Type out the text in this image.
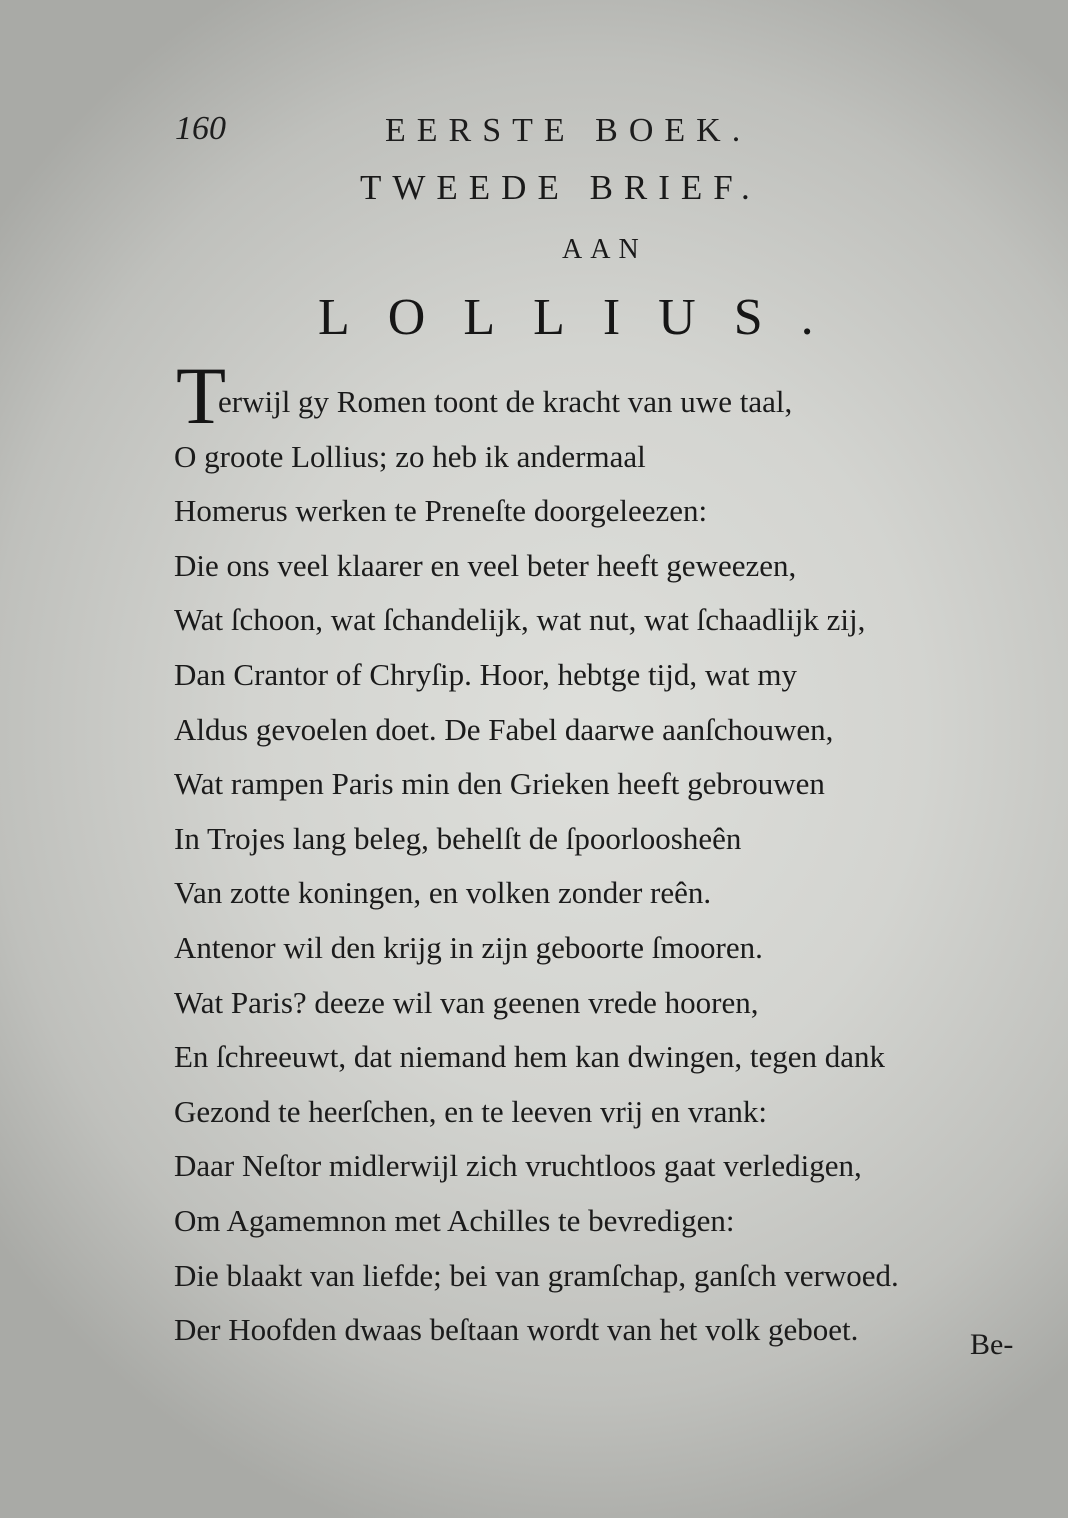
160	EERSTE BOEK.
TWEEDE BRIEF.
AAN
LOLLIUS.
T
erwijl gy Romen toont de kracht van uwe taal,
O groote Lollius; zo heb ik andermaal
Homerus werken te Preneſte doorgeleezen:
Die ons veel klaarer en veel beter heeft geweezen,
Wat ſchoon, wat ſchandelijk, wat nut, wat ſchaadlijk zij,
Dan Crantor of Chryſip. Hoor, hebtge tijd, wat my
Aldus gevoelen doet. De Fabel daarwe aanſchouwen,
Wat rampen Paris min den Grieken heeft gebrouwen
In Trojes lang beleg, behelſt de ſpoorloosheên
Van zotte koningen, en volken zonder reên.
Antenor wil den krijg in zijn geboorte ſmooren.
Wat Paris? deeze wil van geenen vrede hooren,
En ſchreeuwt, dat niemand hem kan dwingen, tegen dank
Gezond te heerſchen, en te leeven vrij en vrank:
Daar Neſtor midlerwijl zich vruchtloos gaat verledigen,
Om Agamemnon met Achilles te bevredigen:
Die blaakt van liefde; bei van gramſchap, ganſch verwoed.
Der Hoofden dwaas beſtaan wordt van het volk geboet.	Be-
